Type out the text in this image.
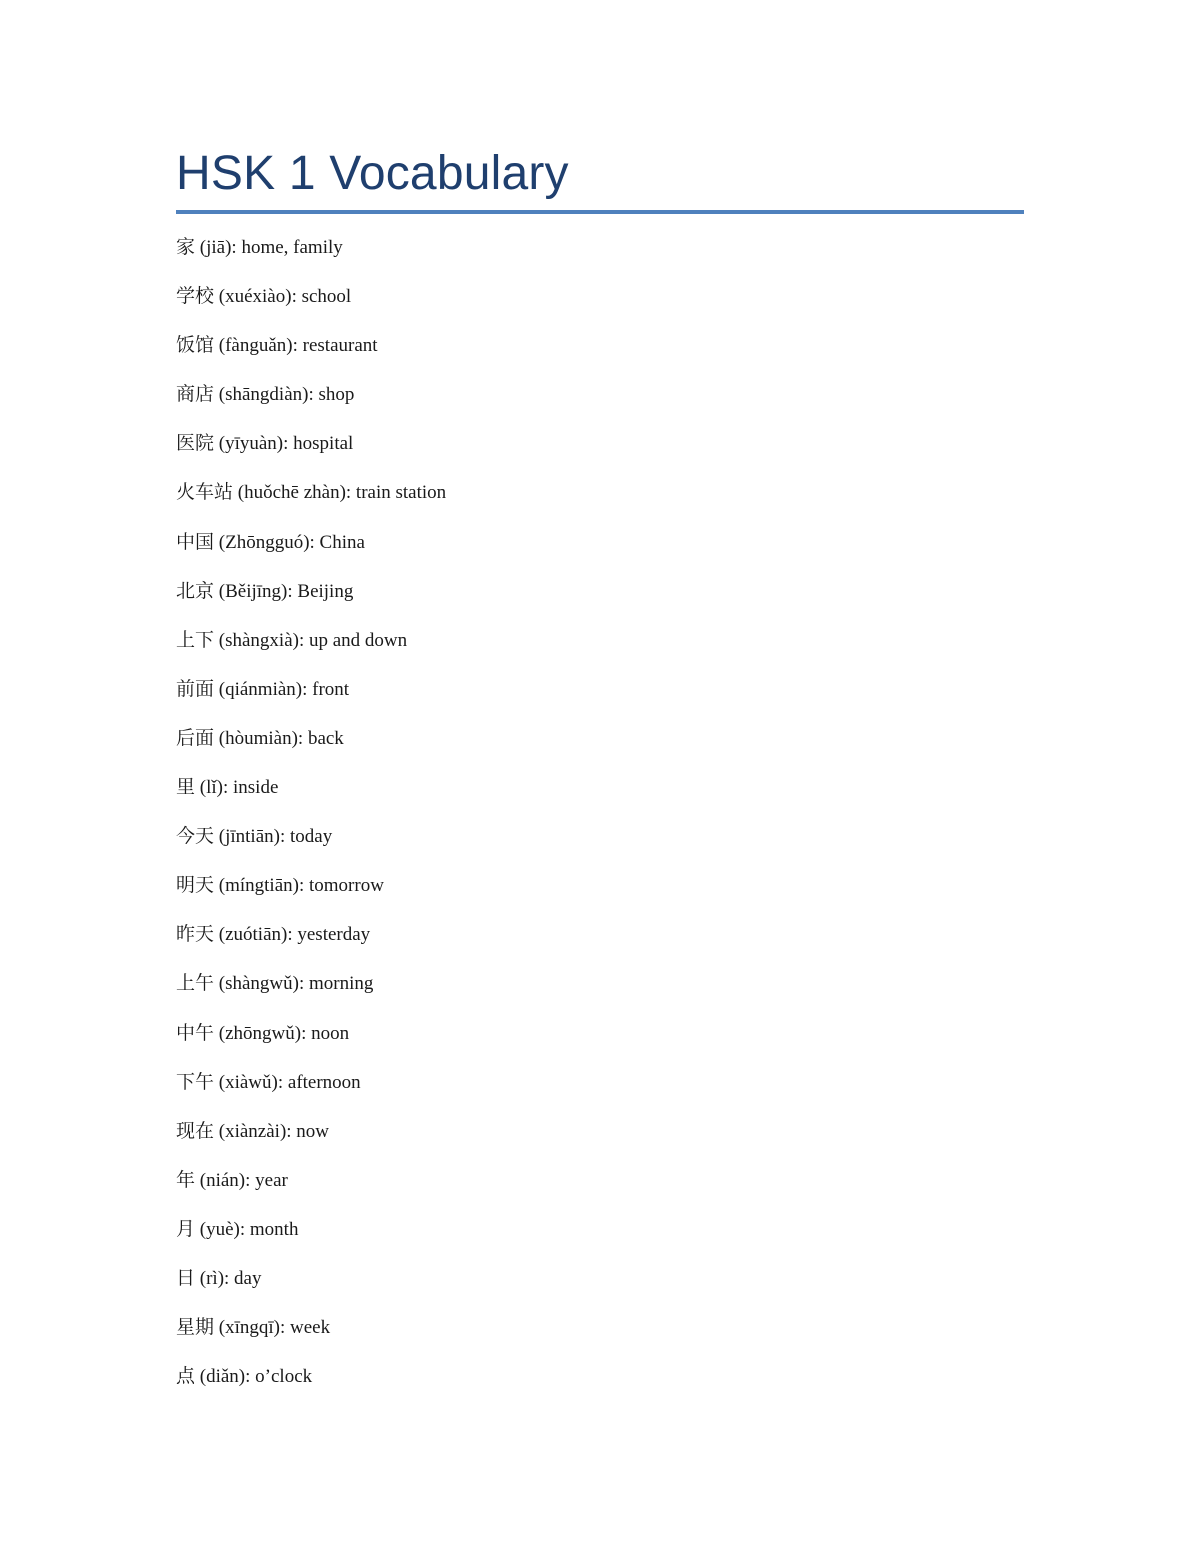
HSK 1 Vocabulary
家 (jiā): home, family
学校 (xuéxiào): school
饭馆 (fànguǎn): restaurant
商店 (shāngdiàn): shop
医院 (yīyuàn): hospital
火车站 (huǒchē zhàn): train station
中国 (Zhōngguó): China
北京 (Běijīng): Beijing
上下 (shàngxià): up and down
前面 (qiánmiàn): front
后面 (hòumiàn): back
里 (lǐ): inside
今天 (jīntiān): today
明天 (míngtiān): tomorrow
昨天 (zuótiān): yesterday
上午 (shàngwǔ): morning
中午 (zhōngwǔ): noon
下午 (xiàwǔ): afternoon
现在 (xiànzài): now
年 (nián): year
月 (yuè): month
日 (rì): day
星期 (xīngqī): week
点 (diǎn): o’clock
